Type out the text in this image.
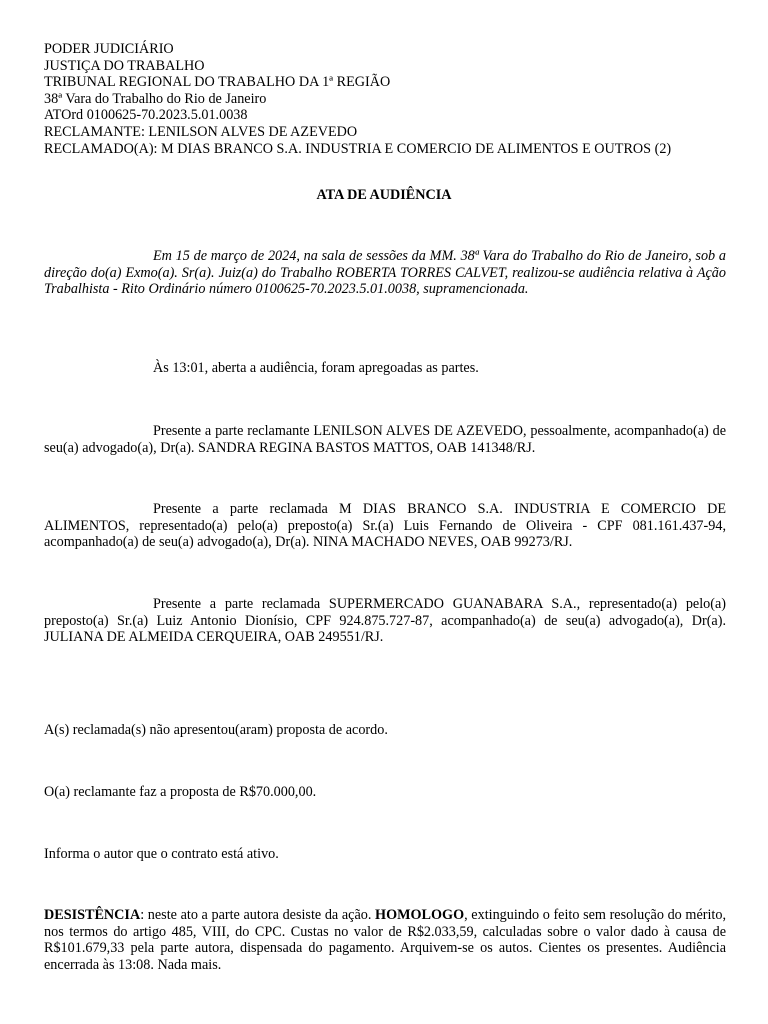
PODER JUDICIÁRIO
JUSTIÇA DO TRABALHO
TRIBUNAL REGIONAL DO TRABALHO DA 1ª REGIÃO
38ª Vara do Trabalho do Rio de Janeiro
ATOrd 0100625-70.2023.5.01.0038
RECLAMANTE: LENILSON ALVES DE AZEVEDO
RECLAMADO(A): M DIAS BRANCO S.A. INDUSTRIA E COMERCIO DE ALIMENTOS E OUTROS (2)
ATA DE AUDIÊNCIA
Em 15 de março de 2024, na sala de sessões da MM. 38ª Vara do Trabalho do Rio de Janeiro, sob a direção do(a) Exmo(a). Sr(a). Juiz(a) do Trabalho ROBERTA TORRES CALVET, realizou-se audiência relativa à Ação Trabalhista - Rito Ordinário número 0100625-70.2023.5.01.0038, supramencionada.
Às 13:01, aberta a audiência, foram apregoadas as partes.
Presente a parte reclamante LENILSON ALVES DE AZEVEDO, pessoalmente, acompanhado(a) de seu(a) advogado(a), Dr(a). SANDRA REGINA BASTOS MATTOS, OAB 141348/RJ.
Presente a parte reclamada M DIAS BRANCO S.A. INDUSTRIA E COMERCIO DE ALIMENTOS, representado(a) pelo(a) preposto(a) Sr.(a) Luis Fernando de Oliveira - CPF 081.161.437-94, acompanhado(a) de seu(a) advogado(a), Dr(a). NINA MACHADO NEVES, OAB 99273/RJ.
Presente a parte reclamada SUPERMERCADO GUANABARA S.A., representado(a) pelo(a) preposto(a) Sr.(a) Luiz Antonio Dionísio, CPF 924.875.727-87, acompanhado(a) de seu(a) advogado(a), Dr(a). JULIANA DE ALMEIDA CERQUEIRA, OAB 249551/RJ.
A(s) reclamada(s) não apresentou(aram) proposta de acordo.
O(a) reclamante faz a proposta de R$70.000,00.
Informa o autor que o contrato está ativo.
DESISTÊNCIA: neste ato a parte autora desiste da ação. HOMOLOGO, extinguindo o feito sem resolução do mérito, nos termos do artigo 485, VIII, do CPC. Custas no valor de R$2.033,59, calculadas sobre o valor dado à causa de R$101.679,33 pela parte autora, dispensada do pagamento. Arquivem-se os autos. Cientes os presentes. Audiência encerrada às 13:08. Nada mais.
